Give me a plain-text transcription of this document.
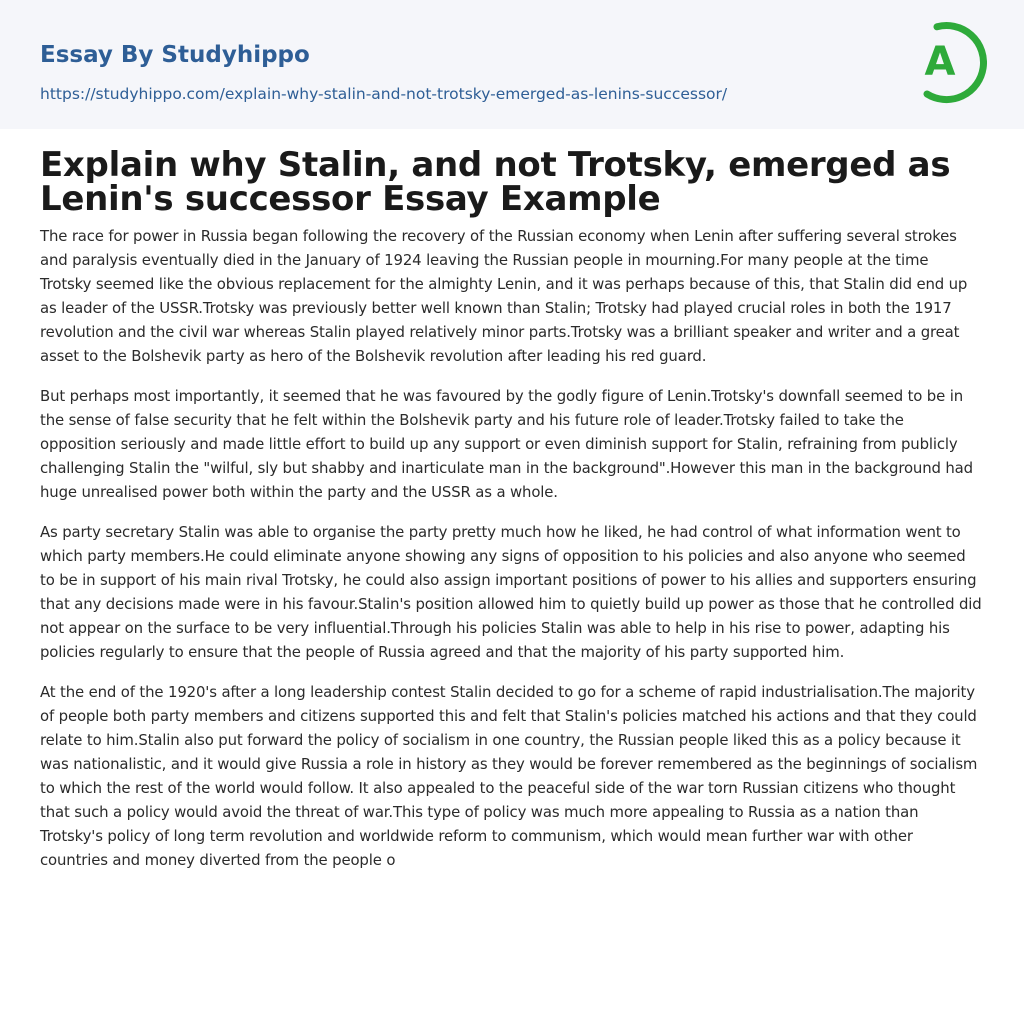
Essay By Studyhippo
https://studyhippo.com/explain-why-stalin-and-not-trotsky-emerged-as-lenins-successor/
A
Explain why Stalin, and not Trotsky, emerged as Lenin's successor Essay Example

The race for power in Russia began following the recovery of the Russian economy when Lenin after suffering several strokes and paralysis eventually died in the January of 1924 leaving the Russian people in mourning.For many people at the time Trotsky seemed like the obvious replacement for the almighty Lenin, and it was perhaps because of this, that Stalin did end up as leader of the USSR.Trotsky was previously better well known than Stalin; Trotsky had played crucial roles in both the 1917 revolution and the civil war whereas Stalin played relatively minor parts.Trotsky was a brilliant speaker and writer and a great asset to the Bolshevik party as hero of the Bolshevik revolution after leading his red guard.

But perhaps most importantly, it seemed that he was favoured by the godly figure of Lenin.Trotsky's downfall seemed to be in the sense of false security that he felt within the Bolshevik party and his future role of leader.Trotsky failed to take the opposition seriously and made little effort to build up any support or even diminish support for Stalin, refraining from publicly challenging Stalin the "wilful, sly but shabby and inarticulate man in the background".However this man in the background had huge unrealised power both within the party and the USSR as a whole.

As party secretary Stalin was able to organise the party pretty much how he liked, he had control of what information went to which party members.He could eliminate anyone showing any signs of opposition to his policies and also anyone who seemed to be in support of his main rival Trotsky, he could also assign important positions of power to his allies and supporters ensuring that any decisions made were in his favour.Stalin's position allowed him to quietly build up power as those that he controlled did not appear on the surface to be very influential.Through his policies Stalin was able to help in his rise to power, adapting his policies regularly to ensure that the people of Russia agreed and that the majority of his party supported him.

At the end of the 1920's after a long leadership contest Stalin decided to go for a scheme of rapid industrialisation.The majority of people both party members and citizens supported this and felt that Stalin's policies matched his actions and that they could relate to him.Stalin also put forward the policy of socialism in one country, the Russian people liked this as a policy because it was nationalistic, and it would give Russia a role in history as they would be forever remembered as the beginnings of socialism to which the rest of the world would follow. It also appealed to the peaceful side of the war torn Russian citizens who thought that such a policy would avoid the threat of war.This type of policy was much more appealing to Russia as a nation than Trotsky's policy of long term revolution and worldwide reform to communism, which would mean further war with other countries and money diverted from the people o
